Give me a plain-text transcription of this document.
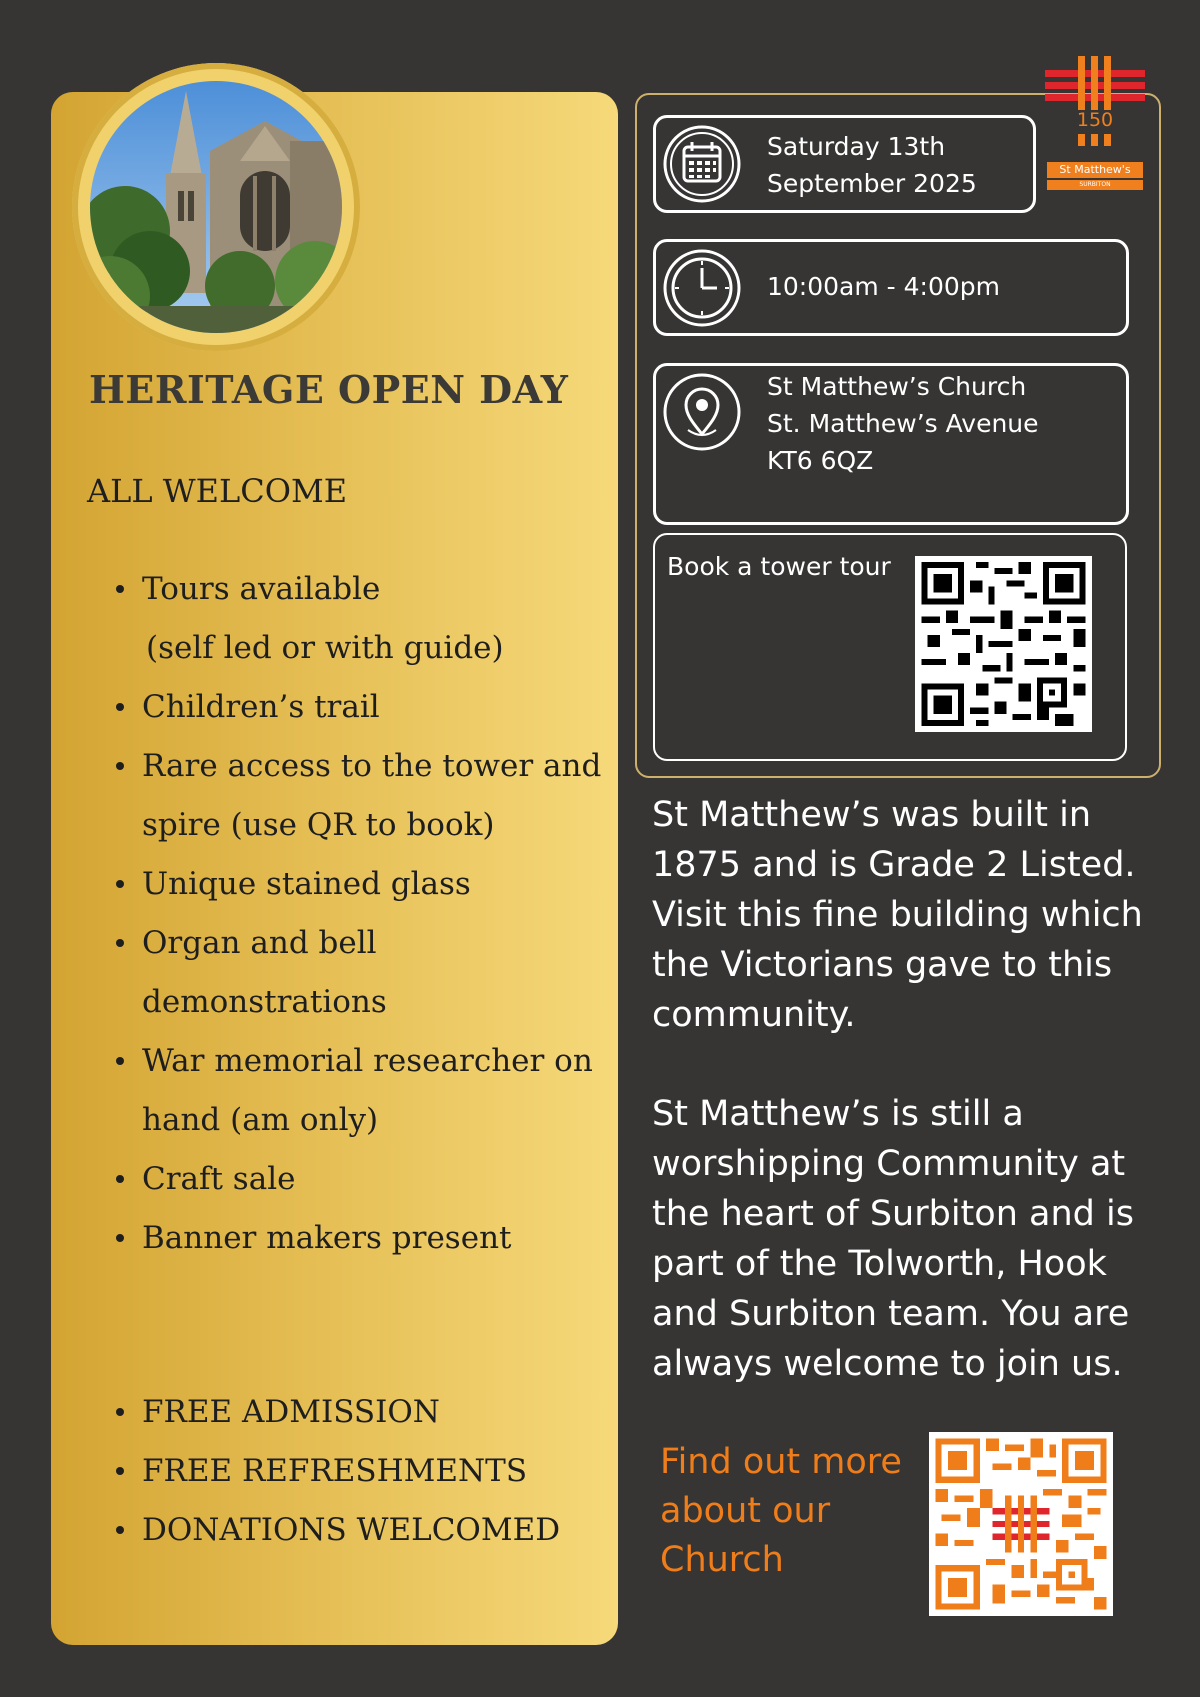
HERITAGE OPEN DAY
ALL WELCOME
Tours available
(self led or with guide)
Children’s trail
Rare access to the tower and
spire (use QR to book)
Unique stained glass
Organ and bell
demonstrations
War memorial researcher on
hand (am only)
Craft sale
Banner makers present
FREE ADMISSION
FREE REFRESHMENTS
DONATIONS WELCOMED
Saturday 13th
September 2025
10:00am - 4:00pm
St Matthew’s Church
St. Matthew’s Avenue
KT6 6QZ
Book a tower tour
150
St Matthew's
SURBITON

St Matthew’s was built in 1875 and is Grade 2 Listed. Visit this fine building which the Victorians gave to this community.

St Matthew’s is still a worshipping Community at the heart of Surbiton and is part of the Tolworth, Hook and Surbiton team. You are always welcome to join us.

Find out more about our Church
